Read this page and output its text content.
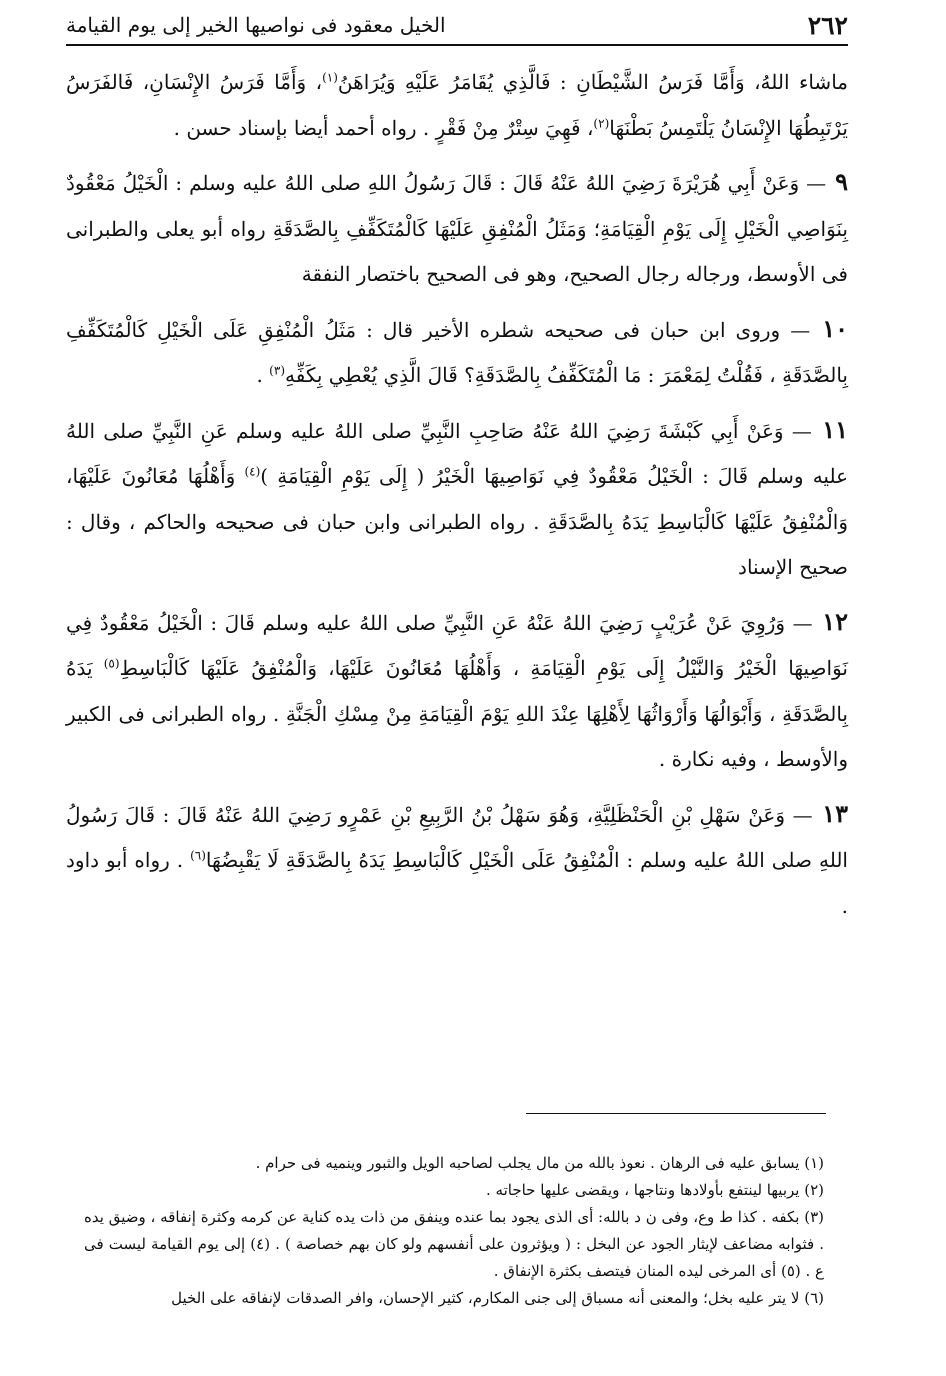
٢٦٢
الخيل معقود فى نواصيها الخير إلى يوم القيامة

ماشاء اللهُ، وَأَمَّا فَرَسُ الشَّيْطَانِ : فَالَّذِي يُقَامَرُ عَلَيْهِ وَيُرَاهَنُ$^{(١)}$، وَأَمَّا فَرَسُ الإِنْسَانِ، فَالفَرَسُ يَرْتَبِطُهَا الإِنْسَانُ يَلْتَمِسُ بَطْنَهَا$^{(٢)}$، فَهِيَ سِتْرٌ مِنْ فَقْرٍ . رواه أحمد أيضا بإسناد حسن .

٩ — وَعَنْ أَبِي هُرَيْرَةَ رَضِيَ اللهُ عَنْهُ قَالَ : قَالَ رَسُولُ اللهِ صلى اللهُ عليه وسلم : الْخَيْلُ مَعْقُودٌ بِنَوَاصِي الْخَيْلِ إِلَى يَوْمِ الْقِيَامَةِ؛ وَمَثَلُ الْمُنْفِقِ عَلَيْهَا كَالْمُتَكَفِّفِ بِالصَّدَقَةِ رواه أبو يعلى والطبرانى فى الأوسط، ورجاله رجال الصحيح، وهو فى الصحيح باختصار النفقة

١٠ — وروى ابن حبان فى صحيحه شطره الأخير قال : مَثَلُ الْمُنْفِقِ عَلَى الْخَيْلِ كَالْمُتَكَفِّفِ بِالصَّدَقَةِ ، فَقُلْتُ لِمَعْمَرَ : مَا الْمُتَكَفِّفُ بِالصَّدَقَةِ؟ قَالَ الَّذِي يُعْطِي بِكَفِّهِ$^{(٣)}$ .

١١ — وَعَنْ أَبِي كَبْشَةَ رَضِيَ اللهُ عَنْهُ صَاحِبِ النَّبِيِّ صلى اللهُ عليه وسلم عَنِ النَّبِيِّ صلى اللهُ عليه وسلم قَالَ : الْخَيْلُ مَعْقُودٌ فِي نَوَاصِيهَا الْخَيْرُ ( إِلَى يَوْمِ الْقِيَامَةِ )$^{(٤)}$ وَأَهْلُهَا مُعَانُونَ عَلَيْهَا، وَالْمُنْفِقُ عَلَيْهَا كَالْبَاسِطِ يَدَهُ بِالصَّدَقَةِ . رواه الطبرانى وابن حبان فى صحيحه والحاكم ، وقال : صحيح الإسناد

١٢ — وَرُوِيَ عَنْ عُرَيْبٍ رَضِيَ اللهُ عَنْهُ عَنِ النَّبِيِّ صلى اللهُ عليه وسلم قَالَ : الْخَيْلُ مَعْقُودٌ فِي نَوَاصِيهَا الْخَيْرُ وَالنَّيْلُ إِلَى يَوْمِ الْقِيَامَةِ ، وَأَهْلُهَا مُعَانُونَ عَلَيْهَا، وَالْمُنْفِقُ عَلَيْهَا كَالْبَاسِطِ$^{(٥)}$ يَدَهُ بِالصَّدَقَةِ ، وَأَبْوَالُهَا وَأَرْوَاثُهَا لِأَهْلِهَا عِنْدَ اللهِ يَوْمَ الْقِيَامَةِ مِنْ مِسْكِ الْجَنَّةِ . رواه الطبرانى فى الكبير والأوسط ، وفيه نكارة .

١٣ — وَعَنْ سَهْلِ بْنِ الْحَنْظَلِيَّةِ، وَهُوَ سَهْلُ بْنُ الرَّبِيعِ بْنِ عَمْرٍو رَضِيَ اللهُ عَنْهُ قَالَ : قَالَ رَسُولُ اللهِ صلى اللهُ عليه وسلم : الْمُنْفِقُ عَلَى الْخَيْلِ كَالْبَاسِطِ يَدَهُ بِالصَّدَقَةِ لَا يَقْبِضُهَا$^{(٦)}$ . رواه أبو داود .

(١) يسابق عليه فى الرهان . نعوذ بالله من مال يجلب لصاحبه الويل والثبور وينميه فى حرام .

(٢) يربيها لينتفع بأولادها ونتاجها ، ويقضى عليها حاجاته .

(٣) بكفه . كذا ط وع، وفى ن د بالله: أى الذى يجود بما عنده وينفق من ذات يده كناية عن كرمه وكثرة إنفاقه ، وضيق يده . فثوابه مضاعف لإيثار الجود عن البخل : ( ويؤثرون على أنفسهم ولو كان بهم خصاصة ) . (٤) إلى يوم القيامة ليست فى ع . (٥) أى المرخى ليده المنان فيتصف بكثرة الإنفاق .

(٦) لا يتر عليه بخل؛ والمعنى أنه مسباق إلى جنى المكارم، كثير الإحسان، وافر الصدقات لإنفاقه على الخيل
